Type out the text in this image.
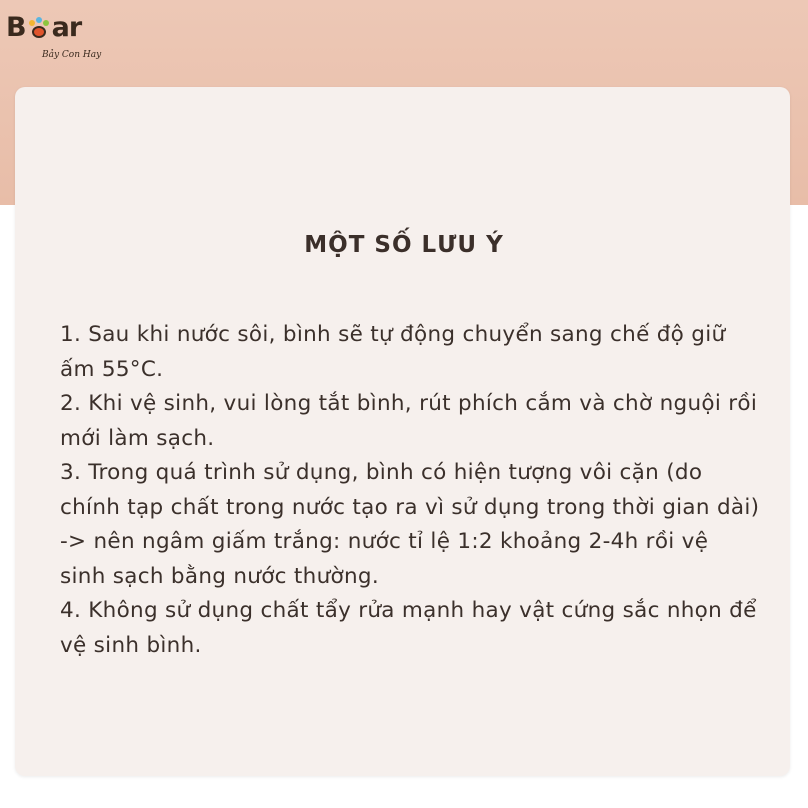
B ar
Bảy Con Hay
MỘT SỐ LƯU Ý
1. Sau khi nước sôi, bình sẽ tự động chuyển sang chế độ giữ ấm 55°C.
2. Khi vệ sinh, vui lòng tắt bình, rút phích cắm và chờ nguội rồi mới làm sạch.
3. Trong quá trình sử dụng, bình có hiện tượng vôi cặn (do chính tạp chất trong nước tạo ra vì sử dụng trong thời gian dài) -> nên ngâm giấm trắng: nước tỉ lệ 1:2 khoảng 2-4h rồi vệ sinh sạch bằng nước thường.
4. Không sử dụng chất tẩy rửa mạnh hay vật cứng sắc nhọn để vệ sinh bình.
